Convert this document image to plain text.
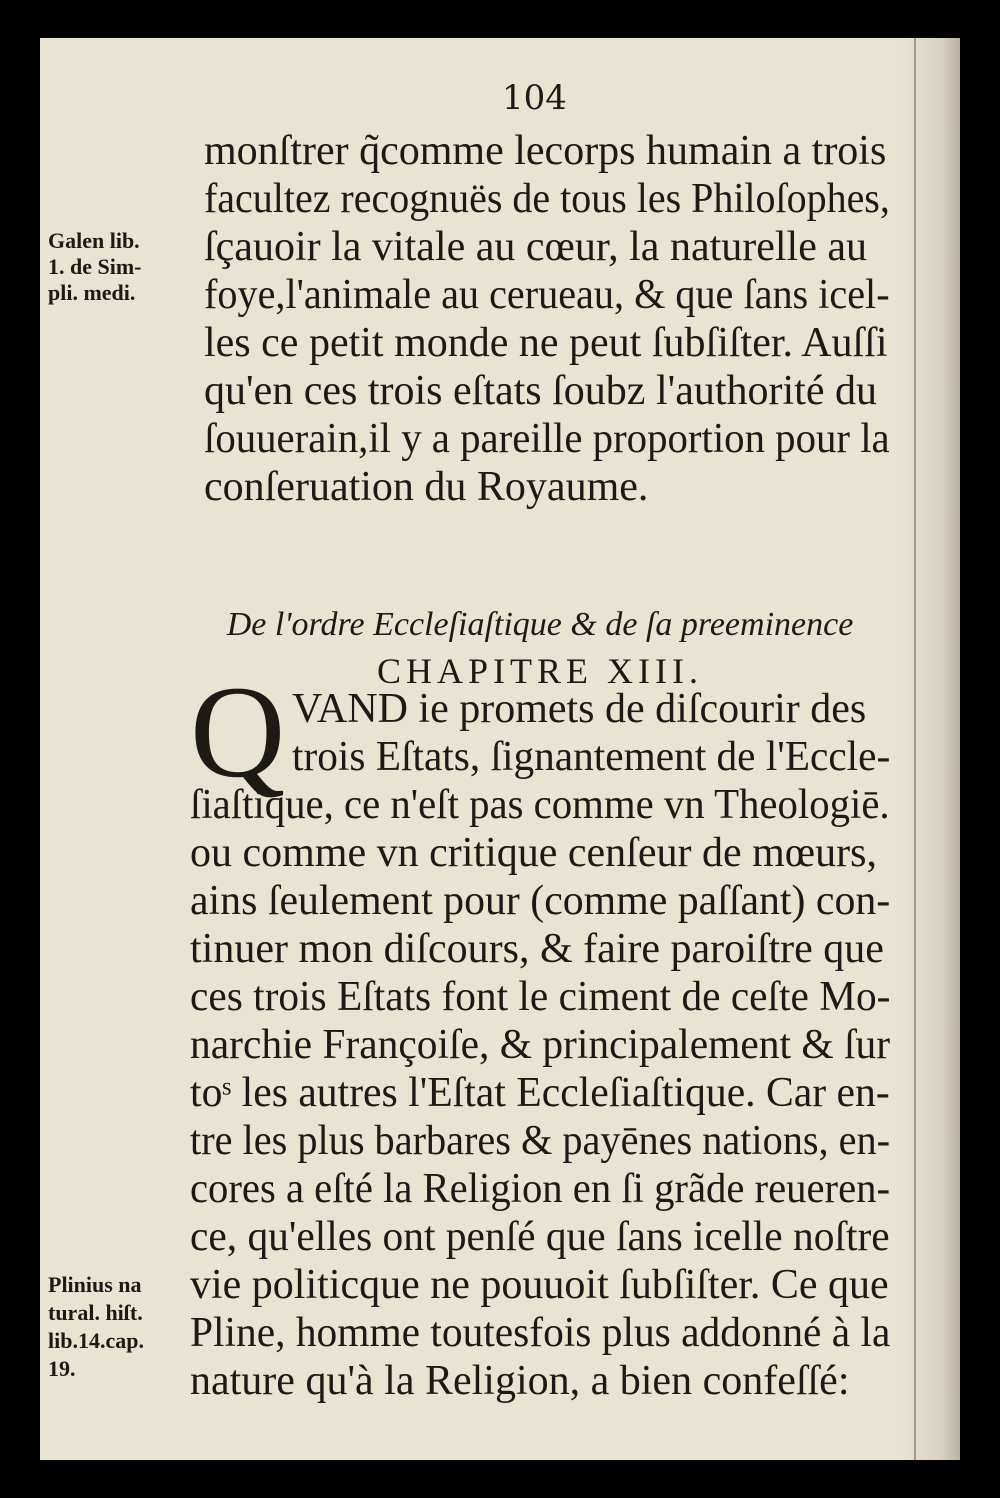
104
monſtrer q̃comme lecorps humain a trois
facultez recognuës de tous les Philoſophes,
ſçauoir la vitale au cœur, la naturelle au
foye,l'animale au cerueau, & que ſans icel-
les ce petit monde ne peut ſubſiſter. Auſſi
qu'en ces trois eſtats ſoubz l'authorité du
ſouuerain,il y a pareille proportion pour la
conſeruation du Royaume.
Galen lib.
1. de Sim-
pli. medi.
De l'ordre Eccleſiaſtique & de ſa preeminence
CHAPITRE XIII.
Q VAND ie promets de diſcourir des
trois Eſtats, ſignantement de l'Eccle-
ſiaſtique, ce n'eſt pas comme vn Theologiē.
ou comme vn critique cenſeur de mœurs,
ains ſeulement pour (comme paſſant) con-
tinuer mon diſcours, & faire paroiſtre que
ces trois Eſtats font le ciment de ceſte Mo-
narchie Françoiſe, & principalement & ſur
toˢ les autres l'Eſtat Eccleſiaſtique. Car en-
tre les plus barbares & payēnes nations, en-
cores a eſté la Religion en ſi grãde reueren-
ce, qu'elles ont penſé que ſans icelle noſtre
vie politicque ne pouuoit ſubſiſter. Ce que
Pline, homme toutesfois plus addonné à la
nature qu'à la Religion, a bien confeſſé:
Plinius na
tural. hiſt.
lib.14.cap.
19.
